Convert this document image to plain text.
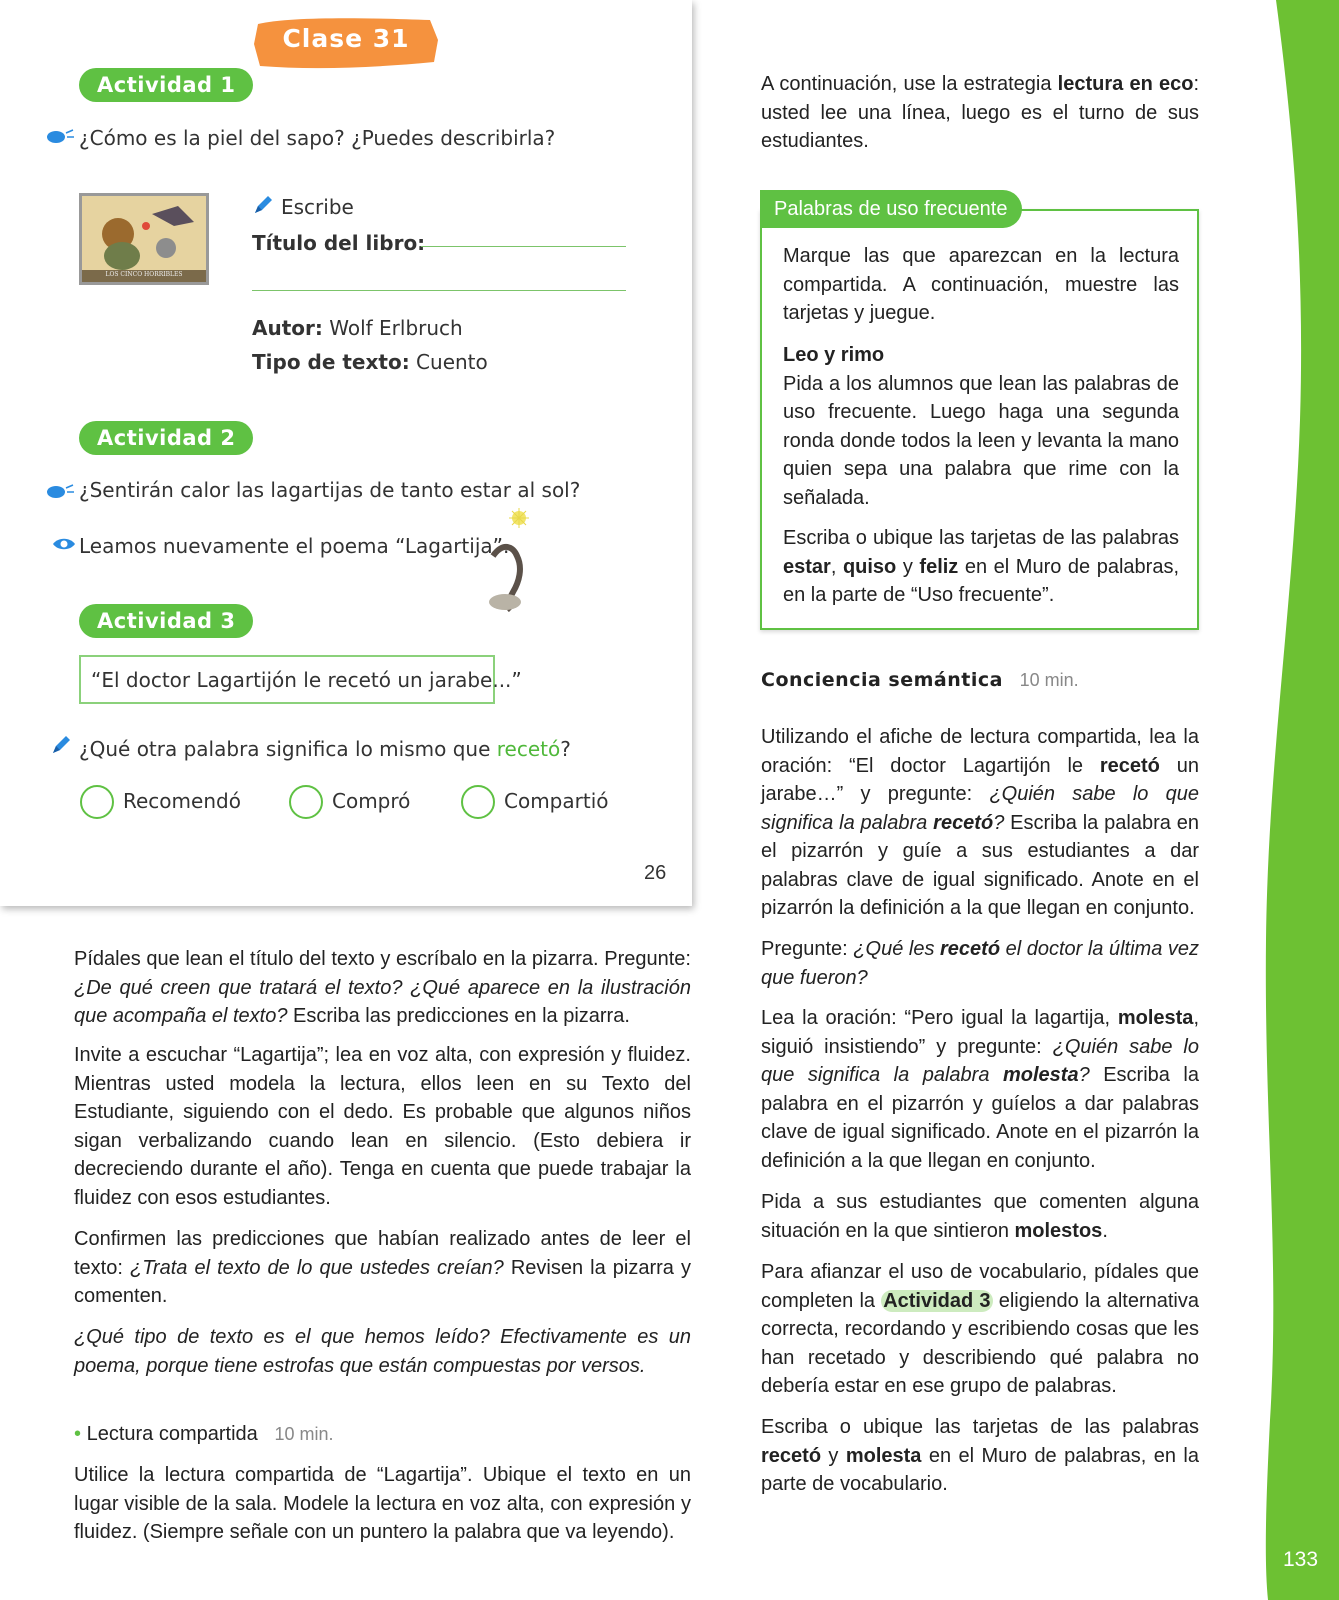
133
Clase 31
Actividad 1
¿Cómo es la piel del sapo? ¿Puedes describirla?
LOS CINCO HORRIBLES
Escribe
Título del libro:
Autor: Wolf Erlbruch
Tipo de texto: Cuento
Actividad 2
¿Sentirán calor las lagartijas de tanto estar al sol?
Leamos nuevamente el poema “Lagartija”.
Actividad 3
“El doctor Lagartijón le recetó un jarabe...”
¿Qué otra palabra significa lo mismo que recetó?
Recomendó	Compró	Compartió
26

Pídales que lean el título del texto y escríbalo en la pizarra. Pregunte: ¿De qué creen que tratará el texto? ¿Qué aparece en la ilustración que acompaña el texto? Escriba las predicciones en la pizarra.

Invite a escuchar “Lagartija”; lea en voz alta, con expresión y fluidez. Mientras usted modela la lectura, ellos leen en su Texto del Estudiante, siguiendo con el dedo. Es probable que algunos niños sigan verbalizando cuando lean en silencio. (Esto debiera ir decreciendo durante el año). Tenga en cuenta que puede trabajar la fluidez con esos estudiantes.

Confirmen las predicciones que habían realizado antes de leer el texto: ¿Trata el texto de lo que ustedes creían? Revisen la pizarra y comenten.

¿Qué tipo de texto es el que hemos leído? Efectivamente es un poema, porque tiene estrofas que están compuestas por versos.

• Lectura compartida 10 min.

Utilice la lectura compartida de “Lagartija”. Ubique el texto en un lugar visible de la sala. Modele la lectura en voz alta, con expresión y fluidez. (Siempre señale con un puntero la palabra que va leyendo).

A continuación, use la estrategia lectura en eco: usted lee una línea, luego es el turno de sus estudiantes.

Palabras de uso frecuente

Marque las que aparezcan en la lectura compartida. A continuación, muestre las tarjetas y juegue.

Leo y rimo

Pida a los alumnos que lean las palabras de uso frecuente. Luego haga una segunda ronda donde todos la leen y levanta la mano quien sepa una palabra que rime con la señalada.

Escriba o ubique las tarjetas de las palabras estar, quiso y feliz en el Muro de palabras, en la parte de “Uso frecuente”.

Conciencia semántica 10 min.

Utilizando el afiche de lectura compartida, lea la oración: “El doctor Lagartijón le recetó un jarabe…” y pregunte: ¿Quién sabe lo que significa la palabra recetó? Escriba la palabra en el pizarrón y guíe a sus estudiantes a dar palabras clave de igual significado. Anote en el pizarrón la definición a la que llegan en conjunto.

Pregunte: ¿Qué les recetó el doctor la última vez que fueron?

Lea la oración: “Pero igual la lagartija, molesta, siguió insistiendo” y pregunte: ¿Quién sabe lo que significa la palabra molesta? Escriba la palabra en el pizarrón y guíelos a dar palabras clave de igual significado. Anote en el pizarrón la definición a la que llegan en conjunto.

Pida a sus estudiantes que comenten alguna situación en la que sintieron molestos.

Para afianzar el uso de vocabulario, pídales que completen la Actividad 3 eligiendo la alternativa correcta, recordando y escribiendo cosas que les han recetado y describiendo qué palabra no debería estar en ese grupo de palabras.

Escriba o ubique las tarjetas de las palabras recetó y molesta en el Muro de palabras, en la parte de vocabulario.
